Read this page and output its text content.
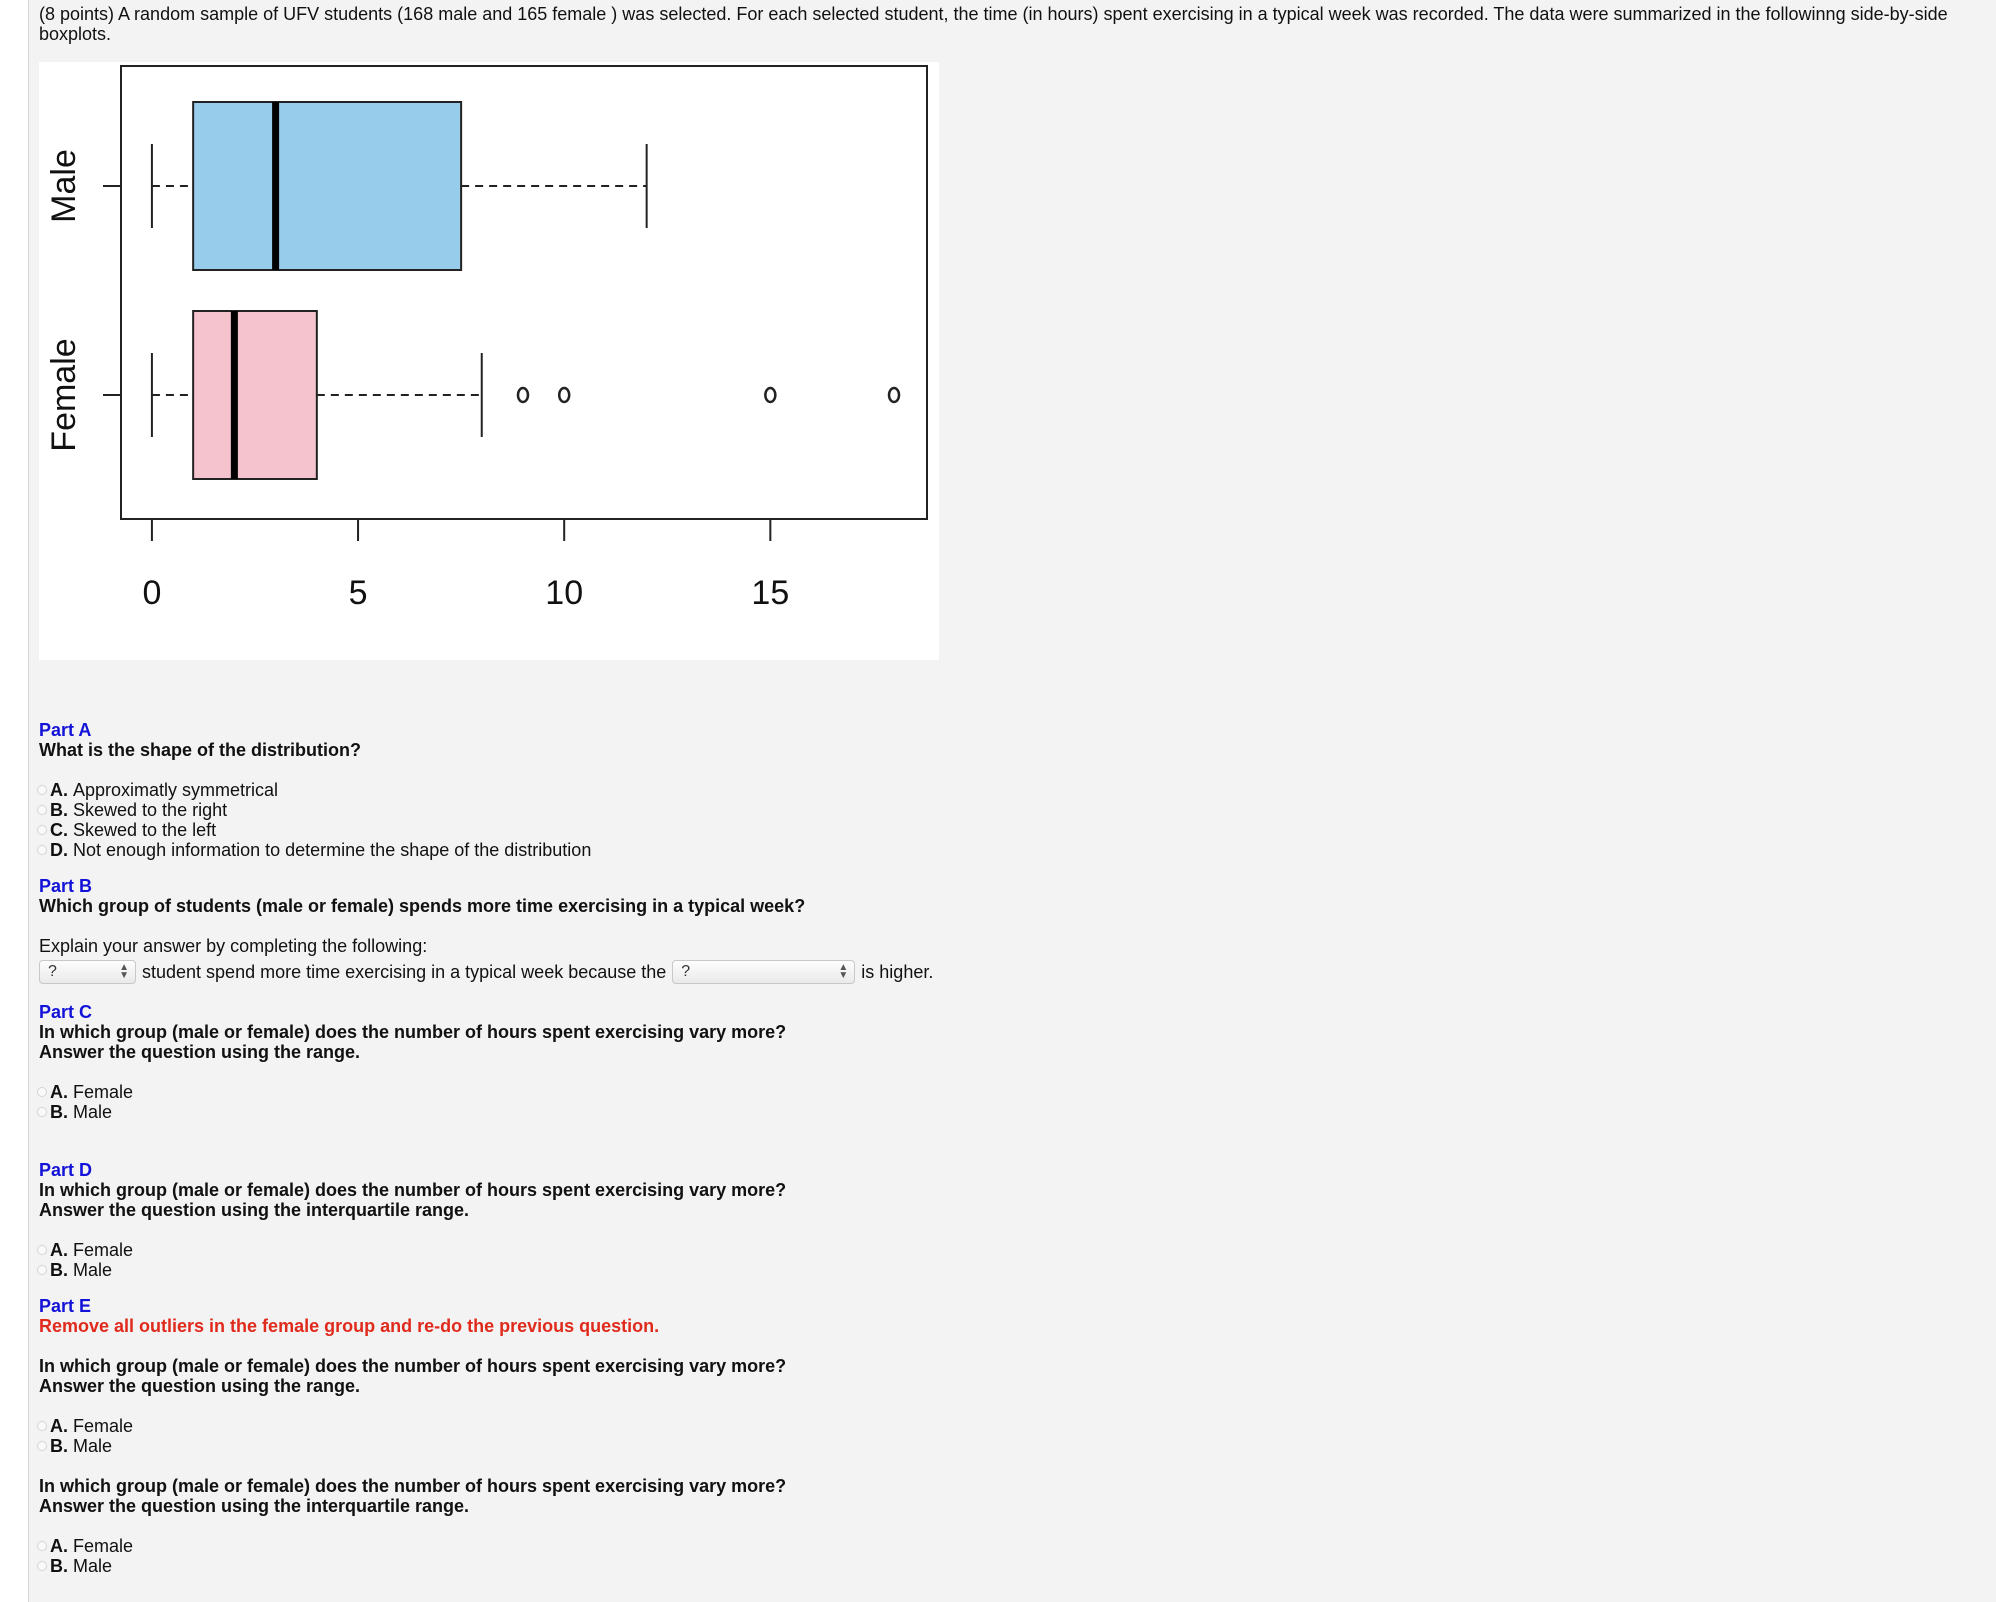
(8 points) A random sample of UFV students (168 male and 165 female ) was selected. For each selected student, the time (in hours) spent exercising in a typical week was recorded. The data were summarized in the followinng side-by-side boxplots.

Male
Female
0	5	10	15

Part A

What is the shape of the distribution?

A. Approximatly symmetrical
B. Skewed to the right
C. Skewed to the left
D. Not enough information to determine the shape of the distribution

Part B

Which group of students (male or female) spends more time exercising in a typical week?

Explain your answer by completing the following:

?	▲
▼ student spend more time exercising in a typical week because the ?	▲
▼ is higher.

Part C

In which group (male or female) does the number of hours spent exercising vary more?

Answer the question using the range.

A. Female
B. Male

Part D

In which group (male or female) does the number of hours spent exercising vary more?

Answer the question using the interquartile range.

A. Female
B. Male

Part E

Remove all outliers in the female group and re-do the previous question.

In which group (male or female) does the number of hours spent exercising vary more?

Answer the question using the range.

A. Female
B. Male

In which group (male or female) does the number of hours spent exercising vary more?

Answer the question using the interquartile range.

A. Female
B. Male
